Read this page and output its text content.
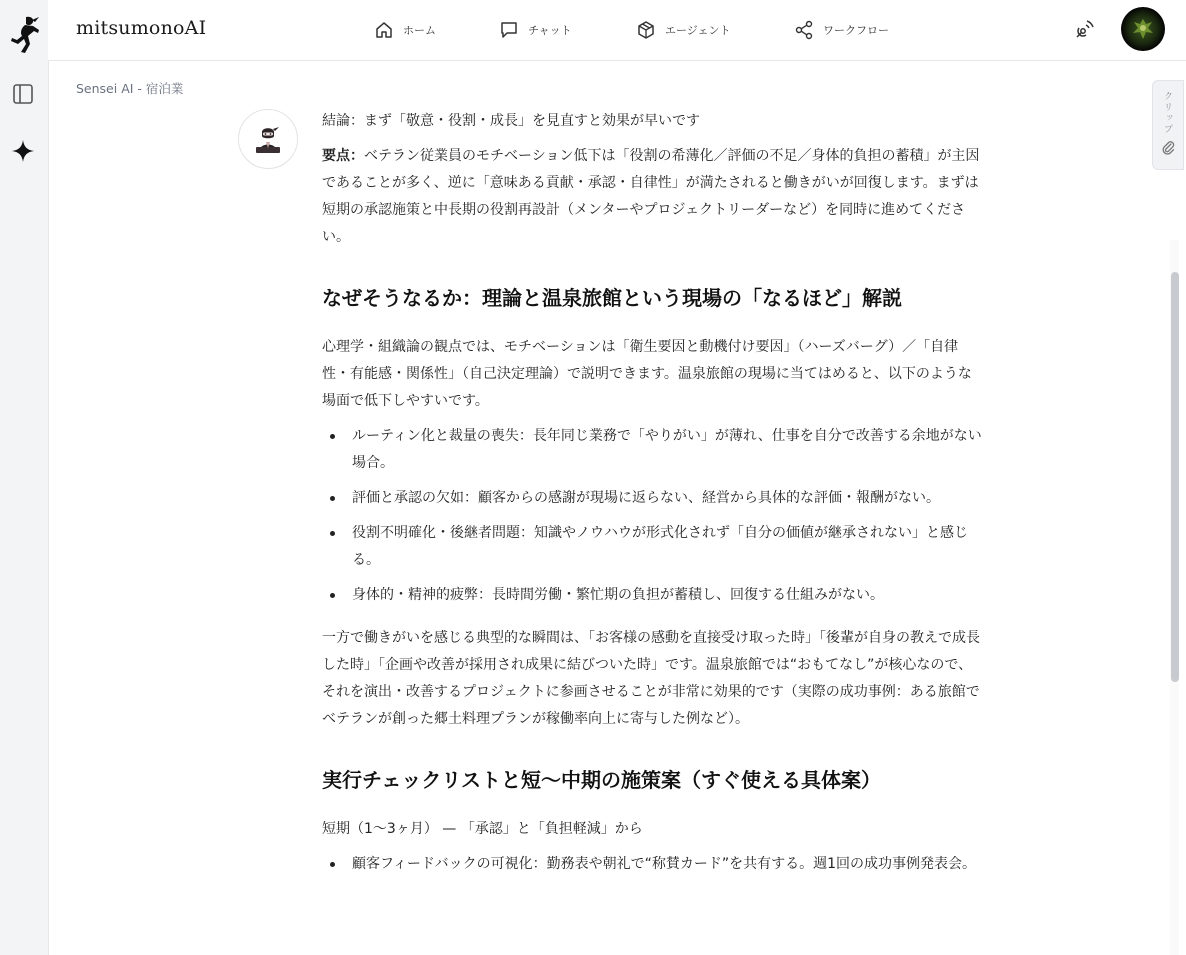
mitsumonoAI	ホーム	チャット	エージェント	ワークフロー
Sensei AI - 宿泊業
クリップ

結論：まず「敬意・役割・成長」を見直すと効果が早いです

要点：ベテラン従業員のモチベーション低下は「役割の希薄化／評価の不足／身体的負担の蓄積」が主因であることが多く、逆に「意味ある貢献・承認・自律性」が満たされると働きがいが回復します。まずは短期の承認施策と中長期の役割再設計（メンターやプロジェクトリーダーなど）を同時に進めてください。

なぜそうなるか：理論と温泉旅館という現場の「なるほど」解説

心理学・組織論の観点では、モチベーションは「衛生要因と動機付け要因」（ハーズバーグ）／「自律性・有能感・関係性」（自己決定理論）で説明できます。温泉旅館の現場に当てはめると、以下のような場面で低下しやすいです。

ルーティン化と裁量の喪失：長年同じ業務で「やりがい」が薄れ、仕事を自分で改善する余地がない場合。
評価と承認の欠如：顧客からの感謝が現場に返らない、経営から具体的な評価・報酬がない。
役割不明確化・後継者問題：知識やノウハウが形式化されず「自分の価値が継承されない」と感じる。
身体的・精神的疲弊：長時間労働・繁忙期の負担が蓄積し、回復する仕組みがない。

一方で働きがいを感じる典型的な瞬間は、「お客様の感動を直接受け取った時」「後輩が自身の教えで成長した時」「企画や改善が採用され成果に結びついた時」です。温泉旅館では“おもてなし”が核心なので、それを演出・改善するプロジェクトに参画させることが非常に効果的です（実際の成功事例：ある旅館でベテランが創った郷土料理プランが稼働率向上に寄与した例など）。

実行チェックリストと短〜中期の施策案（すぐ使える具体案）

短期（1〜3ヶ月） — 「承認」と「負担軽減」から

顧客フィードバックの可視化：勤務表や朝礼で“称賛カード”を共有する。週1回の成功事例発表会。
